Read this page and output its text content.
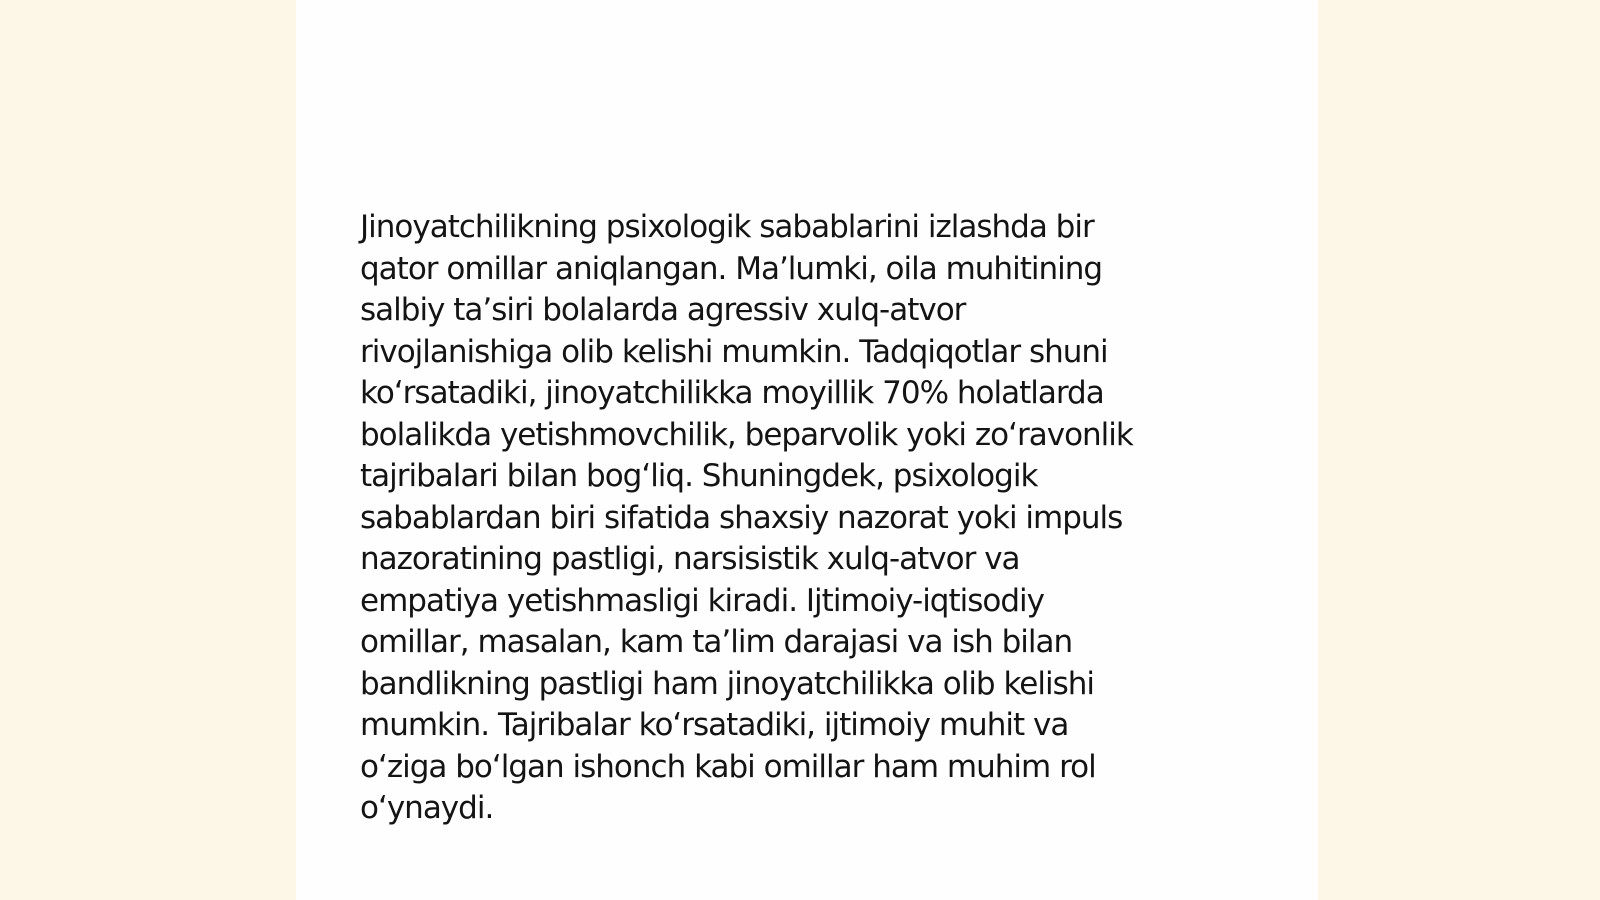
Jinoyatchilikning psixologik sabablarini izlashda bir
qator omillar aniqlangan. Ma’lumki, oila muhitining
salbiy ta’siri bolalarda agressiv xulq-atvor
rivojlanishiga olib kelishi mumkin. Tadqiqotlar shuni
ko‘rsatadiki, jinoyatchilikka moyillik 70% holatlarda
bolalikda yetishmovchilik, beparvolik yoki zo‘ravonlik
tajribalari bilan bog‘liq. Shuningdek, psixologik
sabablardan biri sifatida shaxsiy nazorat yoki impuls
nazoratining pastligi, narsisistik xulq-atvor va
empatiya yetishmasligi kiradi. Ijtimoiy-iqtisodiy
omillar, masalan, kam ta’lim darajasi va ish bilan
bandlikning pastligi ham jinoyatchilikka olib kelishi
mumkin. Tajribalar ko‘rsatadiki, ijtimoiy muhit va
o‘ziga bo‘lgan ishonch kabi omillar ham muhim rol
o‘ynaydi.
